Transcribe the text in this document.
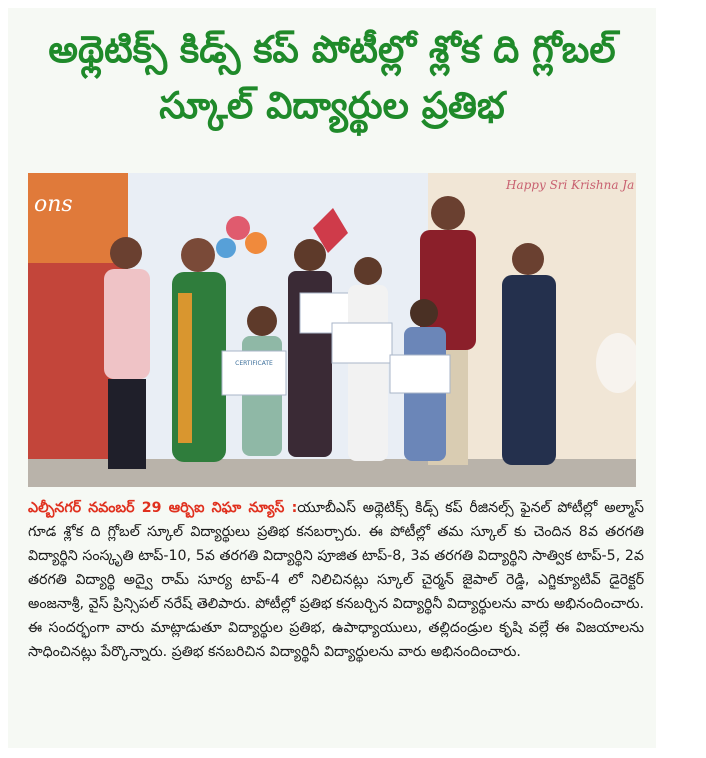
అథ్లెటిక్స్ కిడ్స్ కప్ పోటీల్లో శ్లోక ది గ్లోబల్ స్కూల్ విద్యార్థుల ప్రతిభ
ons
Happy Sri Krishna Ja
CERTIFICATE
ఎల్బీనగర్ నవంబర్ 29 ఆర్బిఐ నిఘా న్యూస్ :యూబీఎస్ అథ్లెటిక్స్ కిడ్స్ కప్ రీజినల్స్ ఫైనల్ పోటీల్లో అల్మాస్ గూడ శ్లోక ది గ్లోబల్ స్కూల్ విద్యార్థులు ప్రతిభ కనబర్చారు. ఈ పోటీల్లో తమ స్కూల్ కు చెందిన 8వ తరగతి విద్యార్థిని సంస్కృతి టాప్-10, 5వ తరగతి విద్యార్థిని పూజిత టాప్-8, 3వ తరగతి విద్యార్థిని సాత్విక టాప్-5, 2వ తరగతి విద్యార్థి అద్వై రామ్ సూర్య టాప్-4 లో నిలిచినట్లు స్కూల్ చైర్మన్ జైపాల్ రెడ్డి, ఎగ్జిక్యూటివ్ డైరెక్టర్ అంజనాశ్రీ, వైస్ ప్రిన్సిపల్ నరేష్ తెలిపారు. పోటీల్లో ప్రతిభ కనబర్చిన విద్యార్థినీ విద్యార్థులను వారు అభినందించారు. ఈ సందర్భంగా వారు మాట్లాడుతూ విద్యార్థుల ప్రతిభ, ఉపాధ్యాయులు, తల్లిదండ్రుల కృషి వల్లే ఈ విజయాలను సాధించినట్లు పేర్కొన్నారు. ప్రతిభ కనబరిచిన విద్యార్థినీ విద్యార్థులను వారు అభినందించారు.
